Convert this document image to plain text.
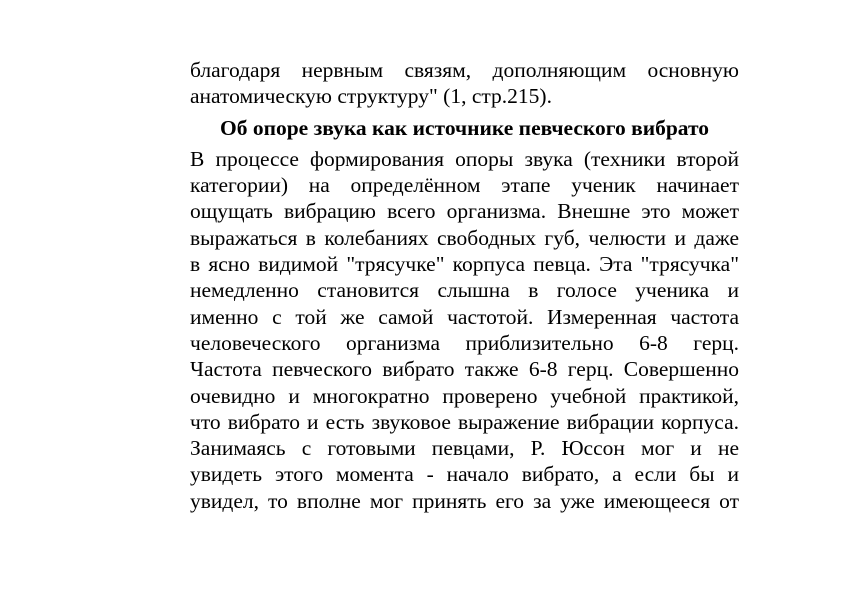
благодаря нервным связям, дополняющим основную
анатомическую структуру" (1, стр.215).
Об опоре звука как источнике певческого вибрато
В процессе формирования опоры звука (техники второй
категории) на определённом этапе ученик начинает
ощущать вибрацию всего организма. Внешне это может
выражаться в колебаниях свободных губ, челюсти и даже
в ясно видимой "трясучке" корпуса певца. Эта "трясучка"
немедленно становится слышна в голосе ученика и
именно с той же самой частотой. Измеренная частота
человеческого организма приблизительно 6-8 герц.
Частота певческого вибрато также 6-8 герц. Совершенно
очевидно и многократно проверено учебной практикой,
что вибрато и есть звуковое выражение вибрации корпуса.
Занимаясь с готовыми певцами, Р. Юссон мог и не
увидеть этого момента - начало вибрато, а если бы и
увидел, то вполне мог принять его за уже имеющееся от
